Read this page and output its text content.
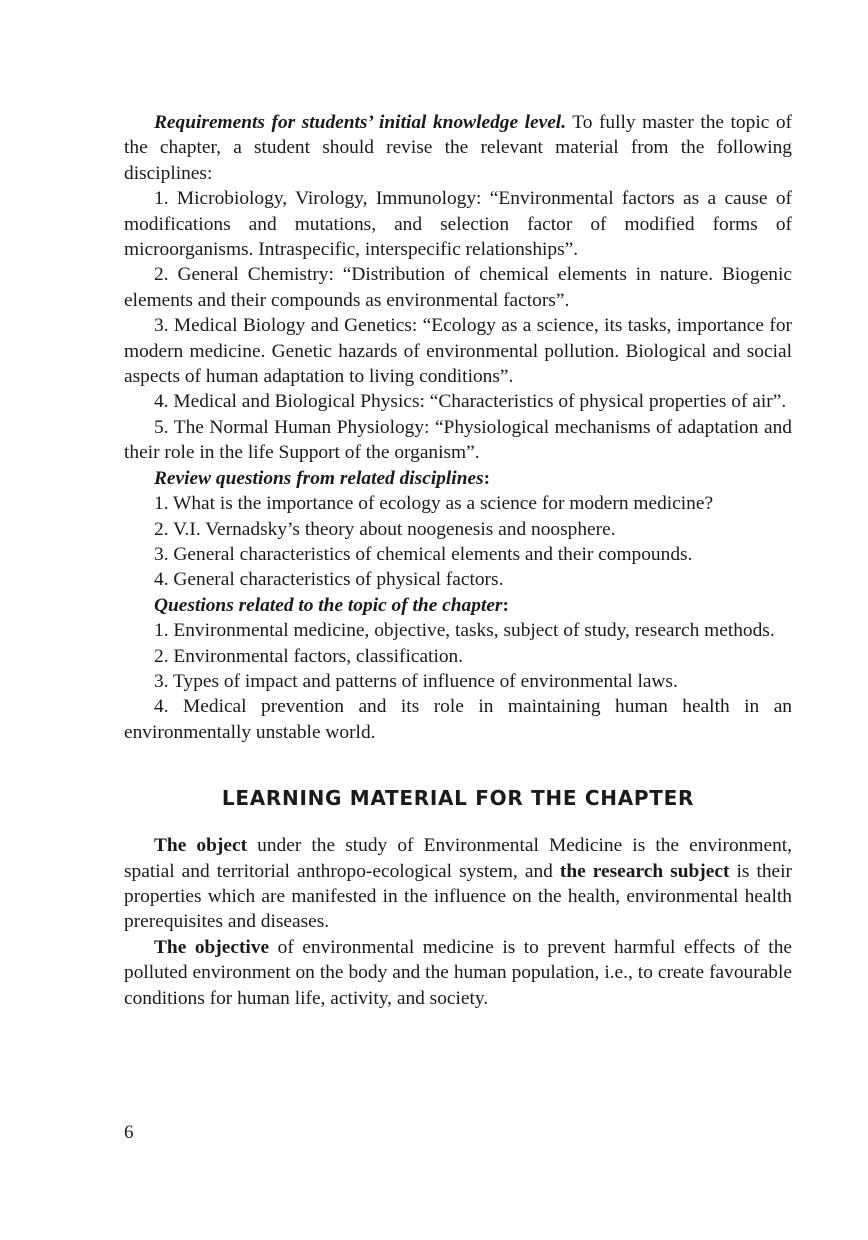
Requirements for students’ initial knowledge level. To fully master the topic of the chapter, a student should revise the relevant material from the following disciplines:

1. Microbiology, Virology, Immunology: “Environmental factors as a cause of modifications and mutations, and selection factor of modified forms of microorganisms. Intraspecific, interspecific relationships”.

2. General Chemistry: “Distribution of chemical elements in nature. Biogenic elements and their compounds as environmental factors”.

3. Medical Biology and Genetics: “Ecology as a science, its tasks, importance for modern medicine. Genetic hazards of environmental pollution. Biological and social aspects of human adaptation to living conditions”.

4. Medical and Biological Physics: “Characteristics of physical properties of air”.

5. The Normal Human Physiology: “Physiological mechanisms of adaptation and their role in the life Support of the organism”.

Review questions from related disciplines:

1. What is the importance of ecology as a science for modern medicine?

2. V.I. Vernadsky’s theory about noogenesis and noosphere.

3. General characteristics of chemical elements and their compounds.

4. General characteristics of physical factors.

Questions related to the topic of the chapter:

1. Environmental medicine, objective, tasks, subject of study, research methods.

2. Environmental factors, classification.

3. Types of impact and patterns of influence of environmental laws.

4. Medical prevention and its role in maintaining human health in an environmentally unstable world.

LEARNING MATERIAL FOR THE CHAPTER

The object under the study of Environmental Medicine is the environment, spatial and territorial anthropo-ecological system, and the research subject is their properties which are manifested in the influence on the health, environmental health prerequisites and diseases.

The objective of environmental medicine is to prevent harmful effects of the polluted environment on the body and the human population, i.e., to create favourable conditions for human life, activity, and society.

6
